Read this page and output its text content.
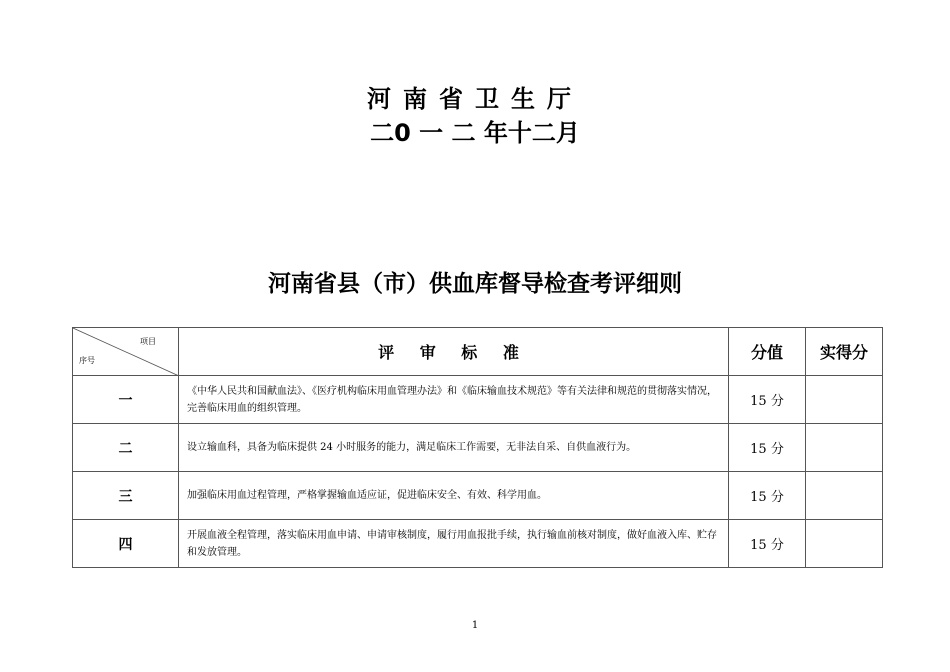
河南省卫生厅
二0 一 二 年十二月
河南省县（市）供血库督导检查考评细则
项目
序号	评 审 标 准	分值	实得分
一	《中华人民共和国献血法》、《医疗机构临床用血管理办法》和《临床输血技术规范》等有关法律和规范的贯彻落实情况，完善临床用血的组织管理。	15 分	
二	设立输血科，具备为临床提供 24 小时服务的能力，满足临床工作需要，无非法自采、自供血液行为。	15 分	
三	加强临床用血过程管理，严格掌握输血适应证，促进临床安全、有效、科学用血。	15 分	
四	开展血液全程管理，落实临床用血申请、申请审核制度，履行用血报批手续，执行输血前核对制度，做好血液入库、贮存和发放管理。	15 分	

1
